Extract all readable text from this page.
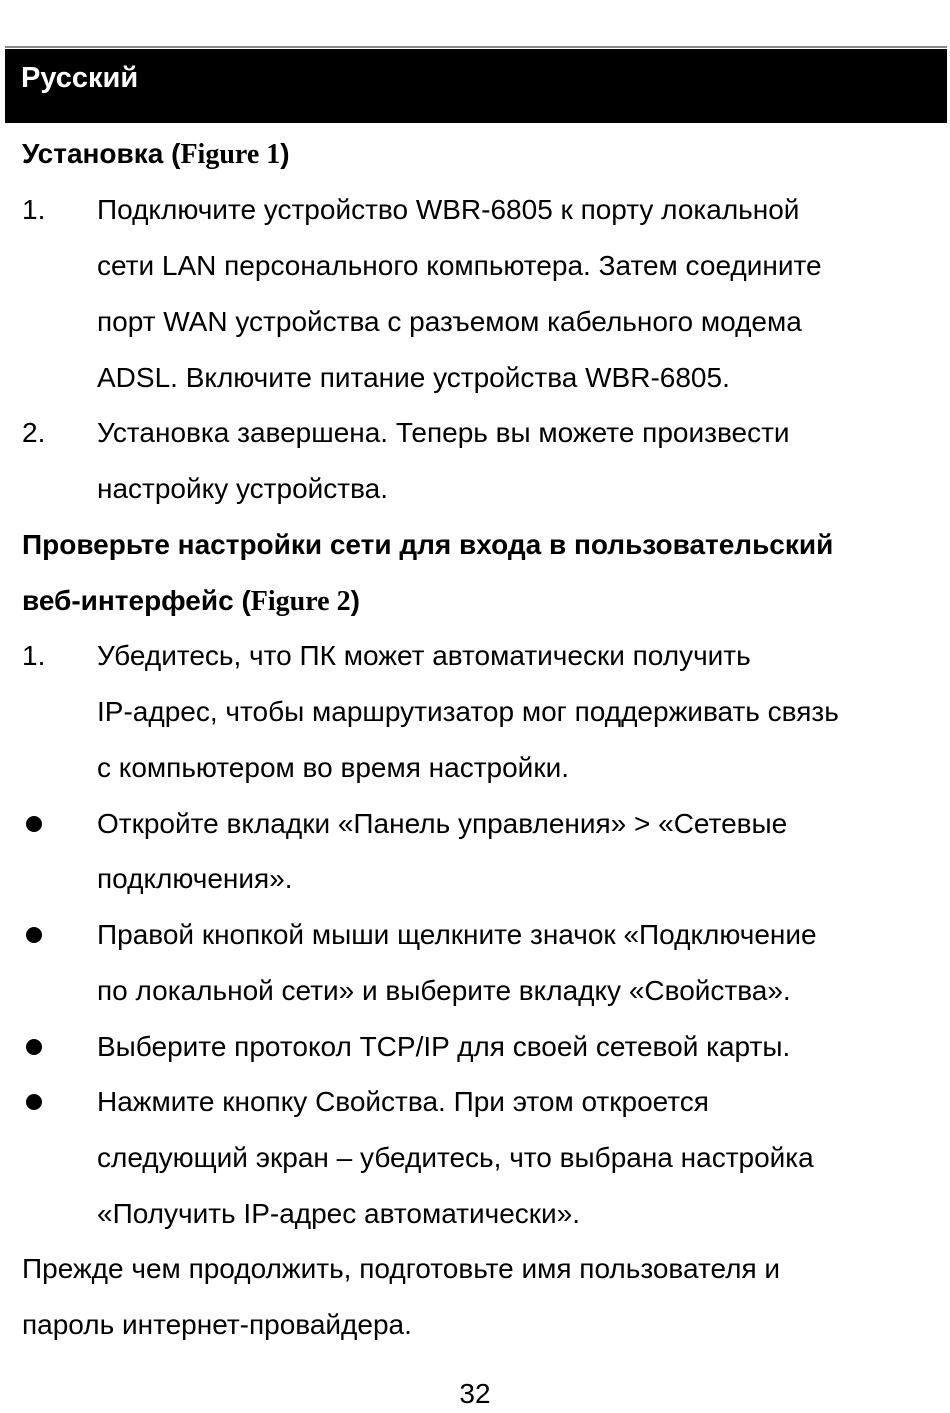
Русский
Установка (Figure 1)
1. Подключите устройство WBR-6805 к порту локальной
сети LAN персонального компьютера. Затем соедините
порт WAN устройства с разъемом кабельного модема
ADSL. Включите питание устройства WBR-6805.
2. Установка завершена. Теперь вы можете произвести
настройку устройства.
Проверьте настройки сети для входа в пользовательский
веб-интерфейс (Figure 2)
1. Убедитесь, что ПК может автоматически получить
IP-адрес, чтобы маршрутизатор мог поддерживать связь
с компьютером во время настройки.
Откройте вкладки «Панель управления» > «Сетевые
подключения».
Правой кнопкой мыши щелкните значок «Подключение
по локальной сети» и выберите вкладку «Свойства».
Выберите протокол TCP/IP для своей сетевой карты.
Нажмите кнопку Свойства. При этом откроется
следующий экран – убедитесь, что выбрана настройка
«Получить IP-адрес автоматически».
Прежде чем продолжить, подготовьте имя пользователя и
пароль интернет-провайдера.
32
